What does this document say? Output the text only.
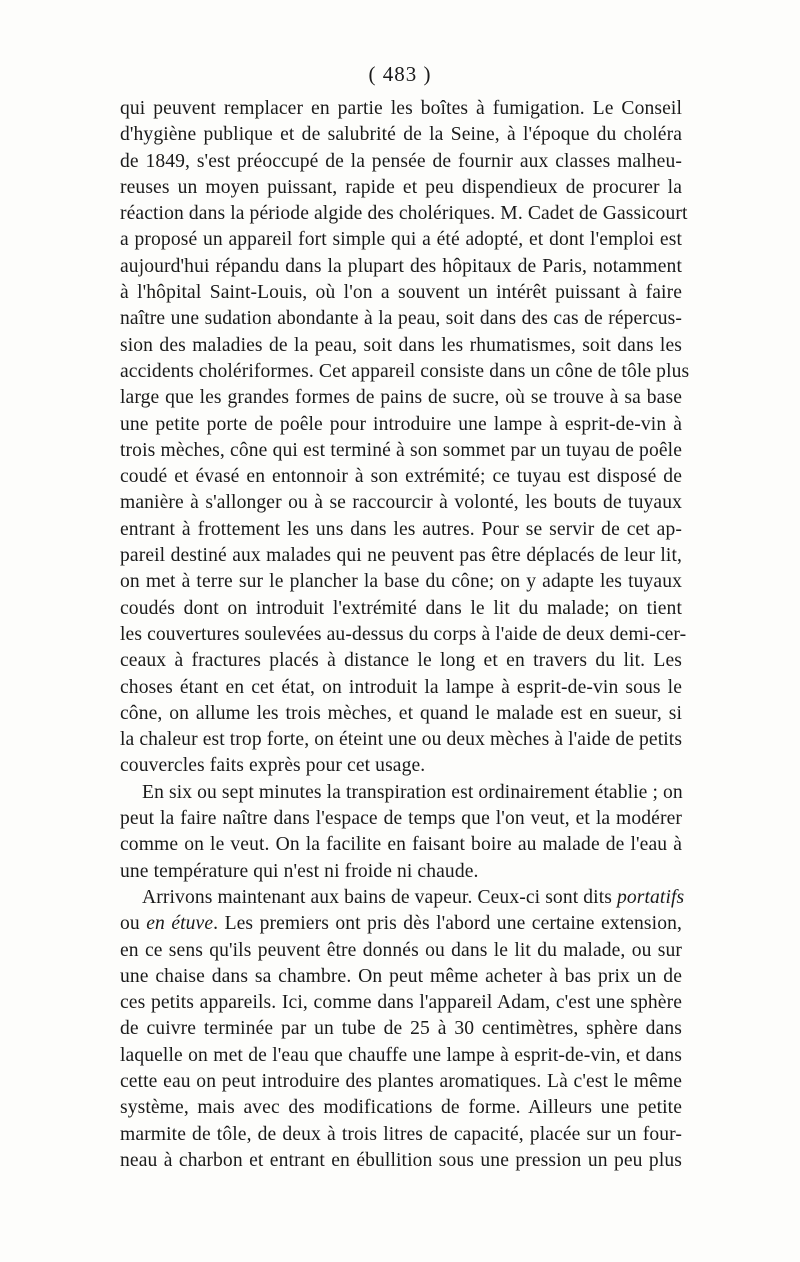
( 483 )
qui peuvent remplacer en partie les boîtes à fumigation. Le Conseil
d'hygiène publique et de salubrité de la Seine, à l'époque du choléra
de 1849, s'est préoccupé de la pensée de fournir aux classes malheu-
reuses un moyen puissant, rapide et peu dispendieux de procurer la
réaction dans la période algide des cholériques. M. Cadet de Gassicourt
a proposé un appareil fort simple qui a été adopté, et dont l'emploi est
aujourd'hui répandu dans la plupart des hôpitaux de Paris, notamment
à l'hôpital Saint-Louis, où l'on a souvent un intérêt puissant à faire
naître une sudation abondante à la peau, soit dans des cas de répercus-
sion des maladies de la peau, soit dans les rhumatismes, soit dans les
accidents cholériformes. Cet appareil consiste dans un cône de tôle plus
large que les grandes formes de pains de sucre, où se trouve à sa base
une petite porte de poêle pour introduire une lampe à esprit-de-vin à
trois mèches, cône qui est terminé à son sommet par un tuyau de poêle
coudé et évasé en entonnoir à son extrémité; ce tuyau est disposé de
manière à s'allonger ou à se raccourcir à volonté, les bouts de tuyaux
entrant à frottement les uns dans les autres. Pour se servir de cet ap-
pareil destiné aux malades qui ne peuvent pas être déplacés de leur lit,
on met à terre sur le plancher la base du cône; on y adapte les tuyaux
coudés dont on introduit l'extrémité dans le lit du malade; on tient
les couvertures soulevées au-dessus du corps à l'aide de deux demi-cer-
ceaux à fractures placés à distance le long et en travers du lit. Les
choses étant en cet état, on introduit la lampe à esprit-de-vin sous le
cône, on allume les trois mèches, et quand le malade est en sueur, si
la chaleur est trop forte, on éteint une ou deux mèches à l'aide de petits
couvercles faits exprès pour cet usage.
En six ou sept minutes la transpiration est ordinairement établie ; on
peut la faire naître dans l'espace de temps que l'on veut, et la modérer
comme on le veut. On la facilite en faisant boire au malade de l'eau à
une température qui n'est ni froide ni chaude.
Arrivons maintenant aux bains de vapeur. Ceux-ci sont dits portatifs
ou en étuve. Les premiers ont pris dès l'abord une certaine extension,
en ce sens qu'ils peuvent être donnés ou dans le lit du malade, ou sur
une chaise dans sa chambre. On peut même acheter à bas prix un de
ces petits appareils. Ici, comme dans l'appareil Adam, c'est une sphère
de cuivre terminée par un tube de 25 à 30 centimètres, sphère dans
laquelle on met de l'eau que chauffe une lampe à esprit-de-vin, et dans
cette eau on peut introduire des plantes aromatiques. Là c'est le même
système, mais avec des modifications de forme. Ailleurs une petite
marmite de tôle, de deux à trois litres de capacité, placée sur un four-
neau à charbon et entrant en ébullition sous une pression un peu plus
